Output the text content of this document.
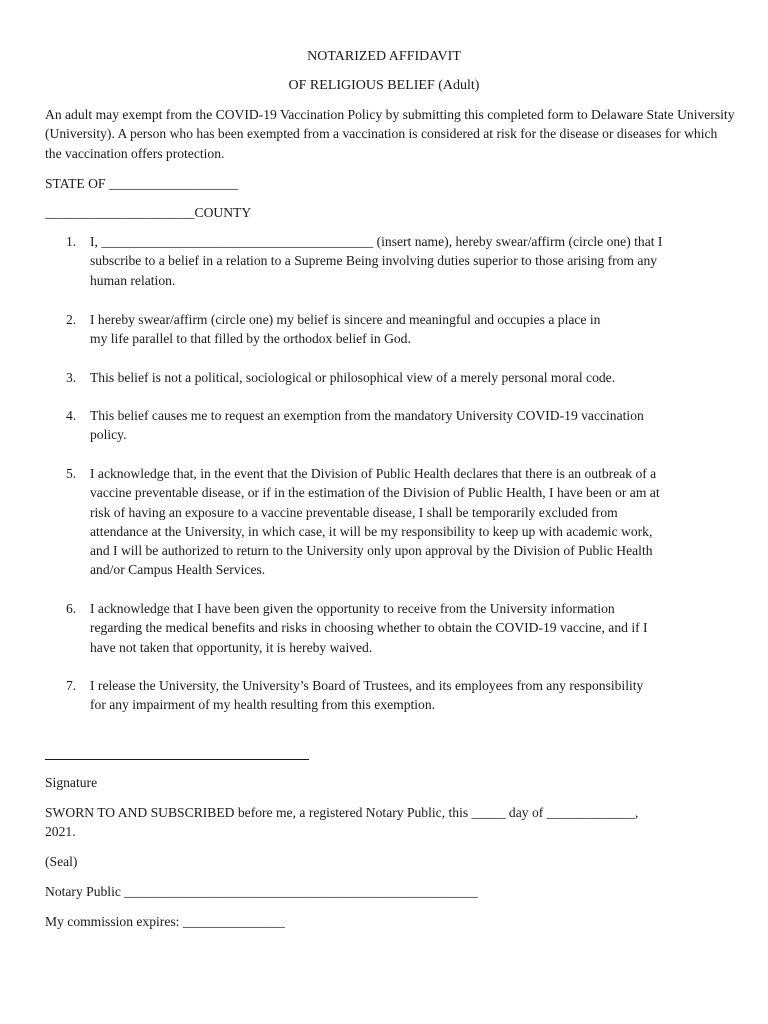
NOTARIZED AFFIDAVIT
OF RELIGIOUS BELIEF (Adult)
An adult may exempt from the COVID-19 Vaccination Policy by submitting this completed form to Delaware State University (University). A person who has been exempted from a vaccination is considered at risk for the disease or diseases for which the vaccination offers protection.
STATE OF ___________________
______________________COUNTY
1.	I, ________________________________________ (insert name), hereby swear/affirm (circle one) that I
subscribe to a belief in a relation to a Supreme Being involving duties superior to those arising from any
human relation.
2.	I hereby swear/affirm (circle one) my belief is sincere and meaningful and occupies a place in
my life parallel to that filled by the orthodox belief in God.
3.	This belief is not a political, sociological or philosophical view of a merely personal moral code.
4.	This belief causes me to request an exemption from the mandatory University COVID-19 vaccination
policy.
5.	I acknowledge that, in the event that the Division of Public Health declares that there is an outbreak of a
vaccine preventable disease, or if in the estimation of the Division of Public Health, I have been or am at
risk of having an exposure to a vaccine preventable disease, I shall be temporarily excluded from
attendance at the University, in which case, it will be my responsibility to keep up with academic work,
and I will be authorized to return to the University only upon approval by the Division of Public Health
and/or Campus Health Services.
6.	I acknowledge that I have been given the opportunity to receive from the University information
regarding the medical benefits and risks in choosing whether to obtain the COVID-19 vaccine, and if I
have not taken that opportunity, it is hereby waived.
7.	I release the University, the University’s Board of Trustees, and its employees from any responsibility
for any impairment of my health resulting from this exemption.
Signature
SWORN TO AND SUBSCRIBED before me, a registered Notary Public, this _____ day of _____________,
2021.
(Seal)
Notary Public ____________________________________________________
My commission expires: _______________
